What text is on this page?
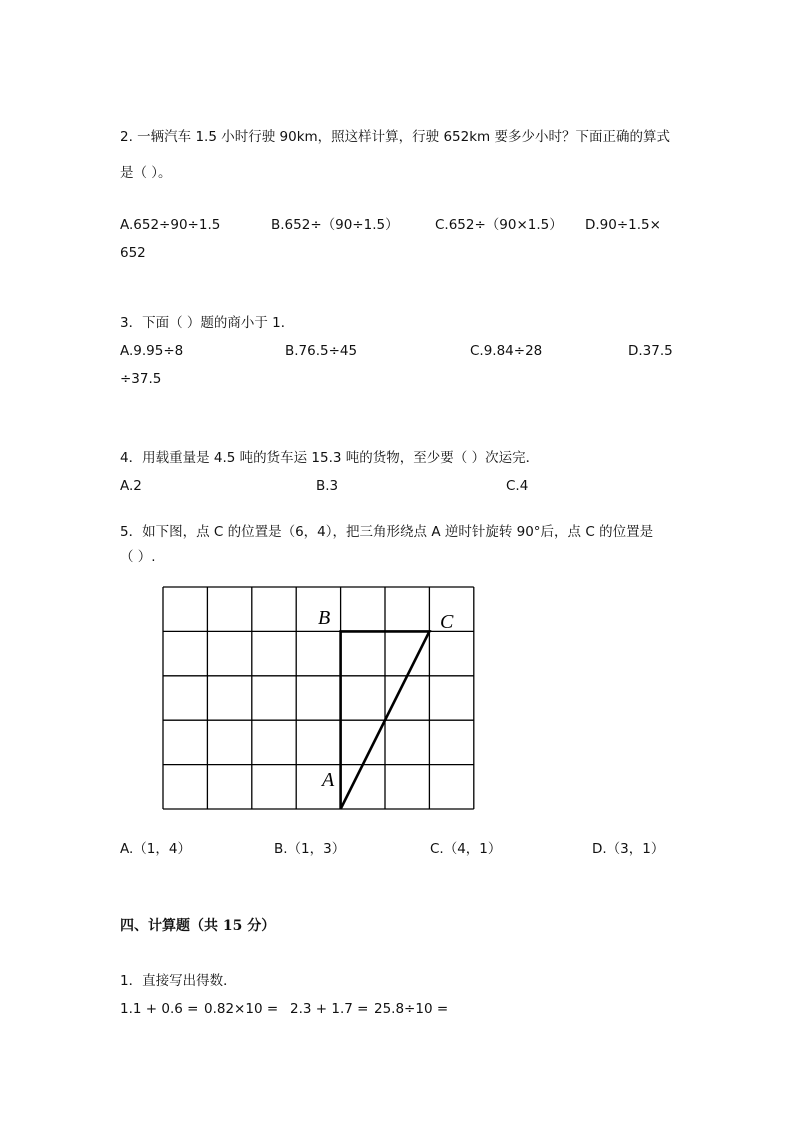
2. 一辆汽车 1.5 小时行驶 90km，照这样计算，行驶 652km 要多少小时？下面正确的算式
是（ ）。
A.652÷90÷1.5	B.652÷（90÷1.5）	C.652÷（90×1.5） D.90÷1.5×
652
3．下面（ ）题的商小于 1．
A.9.95÷8	B.76.5÷45	C.9.84÷28	D.37.5
÷37.5
4．用载重量是 4.5 吨的货车运 15.3 吨的货物，至少要（ ）次运完．
A.2	B.3	C.4
5．如下图，点 C 的位置是（6，4），把三角形绕点 A 逆时针旋转 90°后，点 C 的位置是
（ ）.
B	C
A
A.（1，4）	B.（1，3）	C.（4，1）	D.（3，1）
四、计算题（共 15 分）
1．直接写出得数．
1.1 + 0.6 = 0.82×10 = 2.3 + 1.7 = 25.8÷10 =
